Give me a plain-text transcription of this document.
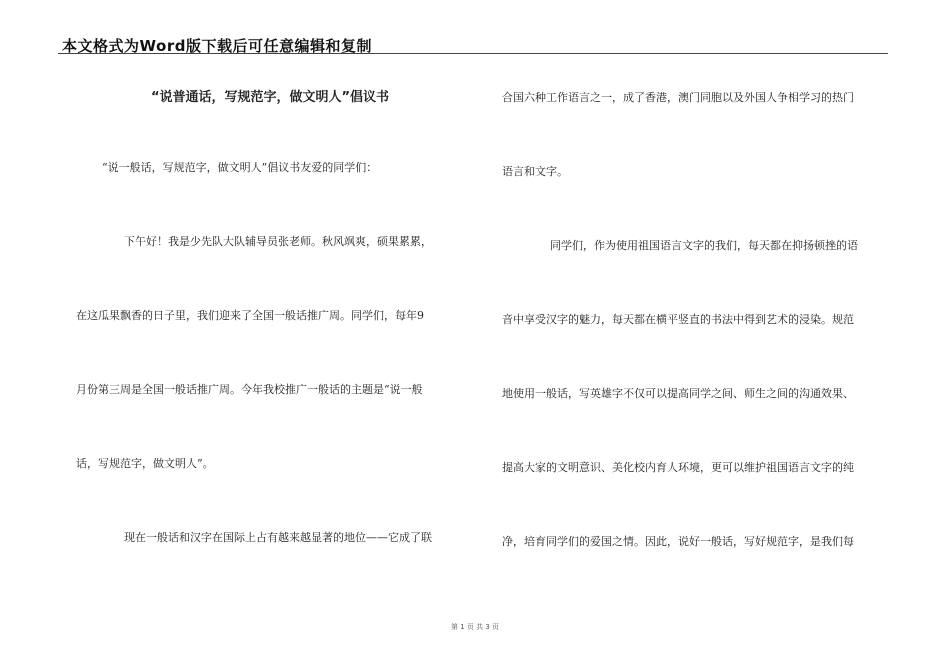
本文格式为Word版下载后可任意编辑和复制
“说普通话，写规范字，做文明人”倡议书
“说一般话，写规范字，做文明人”倡议书友爱的同学们：
下午好！我是少先队大队辅导员张老师。秋风飒爽，硕果累累，
在这瓜果飘香的日子里，我们迎来了全国一般话推广周。同学们，每年9
月份第三周是全国一般话推广周。今年我校推广一般话的主题是“说一般
话，写规范字，做文明人”。
现在一般话和汉字在国际上占有越来越显著的地位——它成了联
合国六种工作语言之一，成了香港，澳门同胞以及外国人争相学习的热门
语言和文字。
同学们，作为使用祖国语言文字的我们，每天都在抑扬顿挫的语
音中享受汉字的魅力，每天都在横平竖直的书法中得到艺术的浸染。规范
地使用一般话，写英雄字不仅可以提高同学之间、师生之间的沟通效果、
提高大家的文明意识、美化校内育人环境，更可以维护祖国语言文字的纯
净，培育同学们的爱国之情。因此，说好一般话，写好规范字，是我们每
第 1 页 共 3 页
